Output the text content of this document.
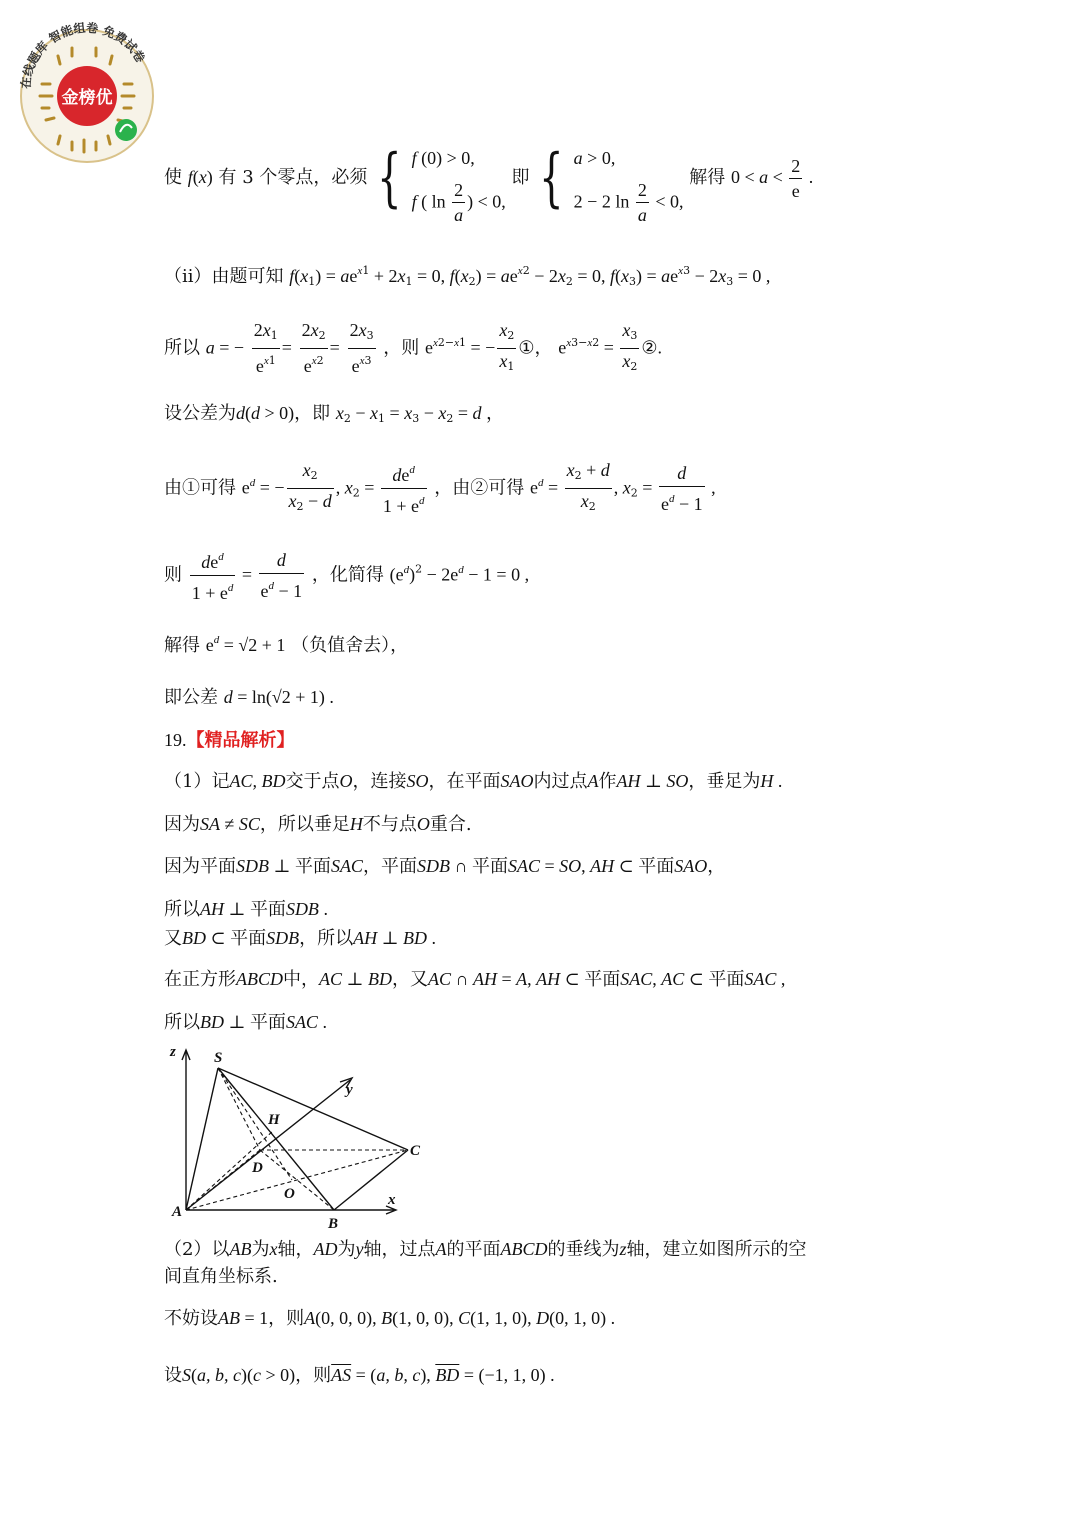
金榜优
在线题库 智能组卷 免费试卷
使 f(x) 有 3 个零点，必须 { f (0) > 0,
f ( $\ln \frac{2}{a}$ ) < 0,
即 { a > 0,
2 − 2 $\ln \frac{2}{a} < 0$,
解得 $0 < a < \frac{2}{e}$ .
（ii）由题可知 $f(x_1) = ae^{x1} + 2x_1 = 0$, $f(x_2) = ae^{x2} - 2x_2 = 0$, $f(x_3) = ae^{x3} - 2x_3 = 0$ ,
所以 a = − $\frac{2x_1}{e^{x1}} = \frac{2x_2}{e^{x2}} = \frac{2x_3}{e^{x3}}$ ，则 $e^{x2-x1}$ = − $\frac{x_2}{x_1}$ ①， $e^{x3-x2} = \frac{x_3}{x_2}$ ②.
设公差为d(d > 0)，即 $x_2 - x_1 = x_3 - x_2 = d$ ，
由①可得 $e^d$ = − $\frac{x_2}{x_2 - d}$ , $x_2 = \frac{de^d}{1 + e^d}$ ，由②可得 $e^d = \frac{x_2 + d}{x_2}$ , $x_2 = \frac{d}{e^d - 1}$ ,
则 $\frac{de^d}{1 + e^d} = \frac{d}{e^d - 1}$ ，化简得 $(e^d)^2 - 2e^d - 1 = 0$ ,
解得 $e^d = √2 + 1$ （负值舍去），
即公差 d = ln(√2 + 1) .
19.【精品解析】
（1）记AC, BD交于点O，连接SO，在平面SAO内过点A作AH ⊥ SO，垂足为H .
因为SA ≠ SC，所以垂足H不与点O重合.
因为平面SDB ⊥ 平面SAC，平面SDB ∩ 平面SAC = SO, AH ⊂ 平面SAO，
所以AH ⊥ 平面SDB .
又BD ⊂ 平面SDB，所以AH ⊥ BD .
在正方形ABCD中，AC ⊥ BD，又AC ∩ AH = A, AH ⊂ 平面SAC, AC ⊂ 平面SAC ,
所以BD ⊥ 平面SAC .
S
H
C
D
O
A
B
x
y
z
（2）以AB为x轴，AD为y轴，过点A的平面ABCD的垂线为z轴，建立如图所示的空
间直角坐标系.
不妨设AB = 1，则A(0, 0, 0), B(1, 0, 0), C(1, 1, 0), D(0, 1, 0) .
设S(a, b, c)(c > 0)，则$\overline{AS} = (a$, b, c), $\overline{BD} = (-1$, 1, 0) .
